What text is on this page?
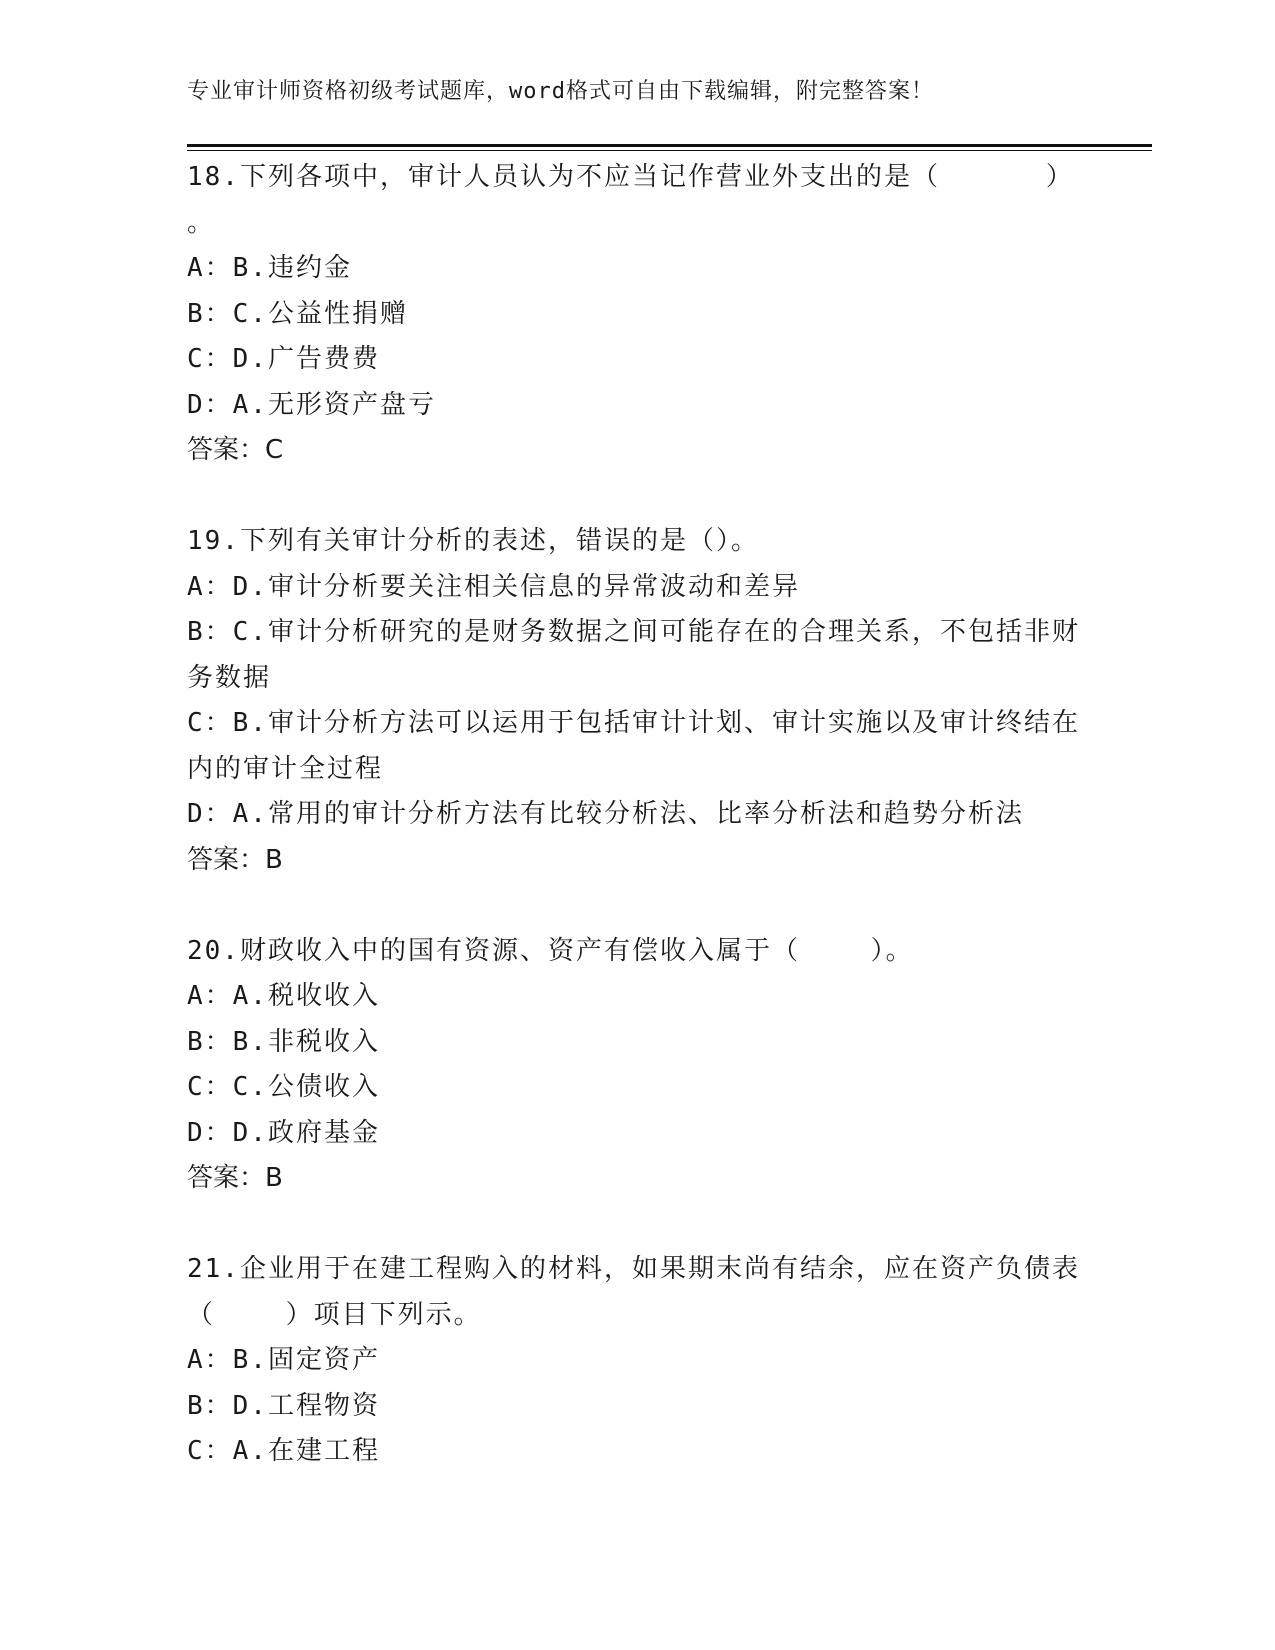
专业审计师资格初级考试题库，word格式可自由下载编辑，附完整答案！
18.下列各项中，审计人员认为不应当记作营业外支出的是（      ）
。
A：B.违约金
B：C.公益性捐赠
C：D.广告费费
D：A.无形资产盘亏
答案：C
19.下列有关审计分析的表述，错误的是（）。
A：D.审计分析要关注相关信息的异常波动和差异
B：C.审计分析研究的是财务数据之间可能存在的合理关系，不包括非财务数据
C：B.审计分析方法可以运用于包括审计计划、审计实施以及审计终结在内的审计全过程
D：A.常用的审计分析方法有比较分析法、比率分析法和趋势分析法
答案：B
20.财政收入中的国有资源、资产有偿收入属于（    ）。
A：A.税收收入
B：B.非税收入
C：C.公债收入
D：D.政府基金
答案：B
21.企业用于在建工程购入的材料，如果期末尚有结余，应在资产负债表（    ）项目下列示。
A：B.固定资产
B：D.工程物资
C：A.在建工程
